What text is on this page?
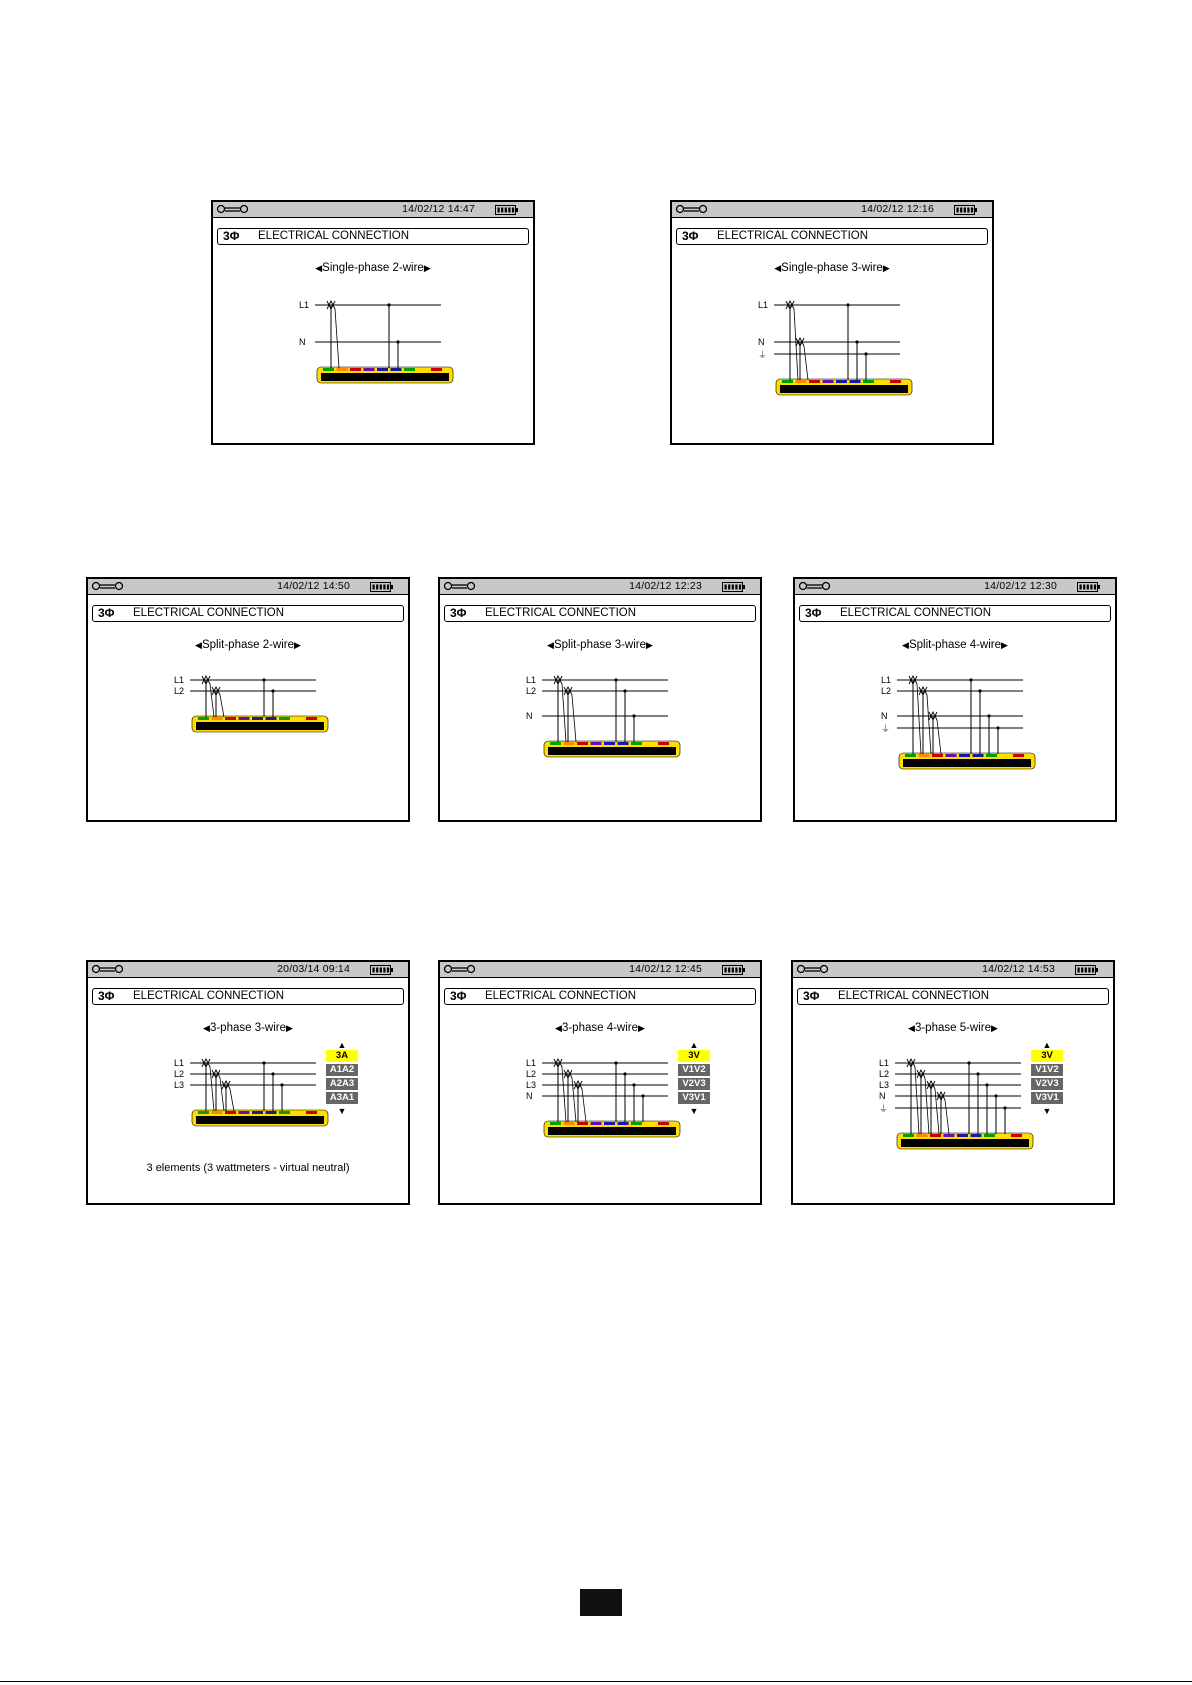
14/02/12 14:47
3Φ ELECTRICAL CONNECTION
◀Single-phase 2-wire▶
L1
N
14/02/12 12:16
3Φ ELECTRICAL CONNECTION
◀Single-phase 3-wire▶
L1
N
⏚
14/02/12 14:50
3Φ ELECTRICAL CONNECTION
◀Split-phase 2-wire▶
L1
L2
14/02/12 12:23
3Φ ELECTRICAL CONNECTION
◀Split-phase 3-wire▶
L1
L2
N
14/02/12 12:30
3Φ ELECTRICAL CONNECTION
◀Split-phase 4-wire▶
L1
L2
N
⏚
20/03/14 09:14
3Φ ELECTRICAL CONNECTION
◀3-phase 3-wire▶
L1
L2
L3
▲
3A
A1A2
A2A3
A3A1
▼
3 elements (3 wattmeters - virtual neutral)
14/02/12 12:45
3Φ ELECTRICAL CONNECTION
◀3-phase 4-wire▶
L1
L2
L3
N
▲
3V
V1V2
V2V3
V3V1
▼
14/02/12 14:53
3Φ ELECTRICAL CONNECTION
◀3-phase 5-wire▶
L1
L2
L3
N
⏚
▲
3V
V1V2
V2V3
V3V1
▼
